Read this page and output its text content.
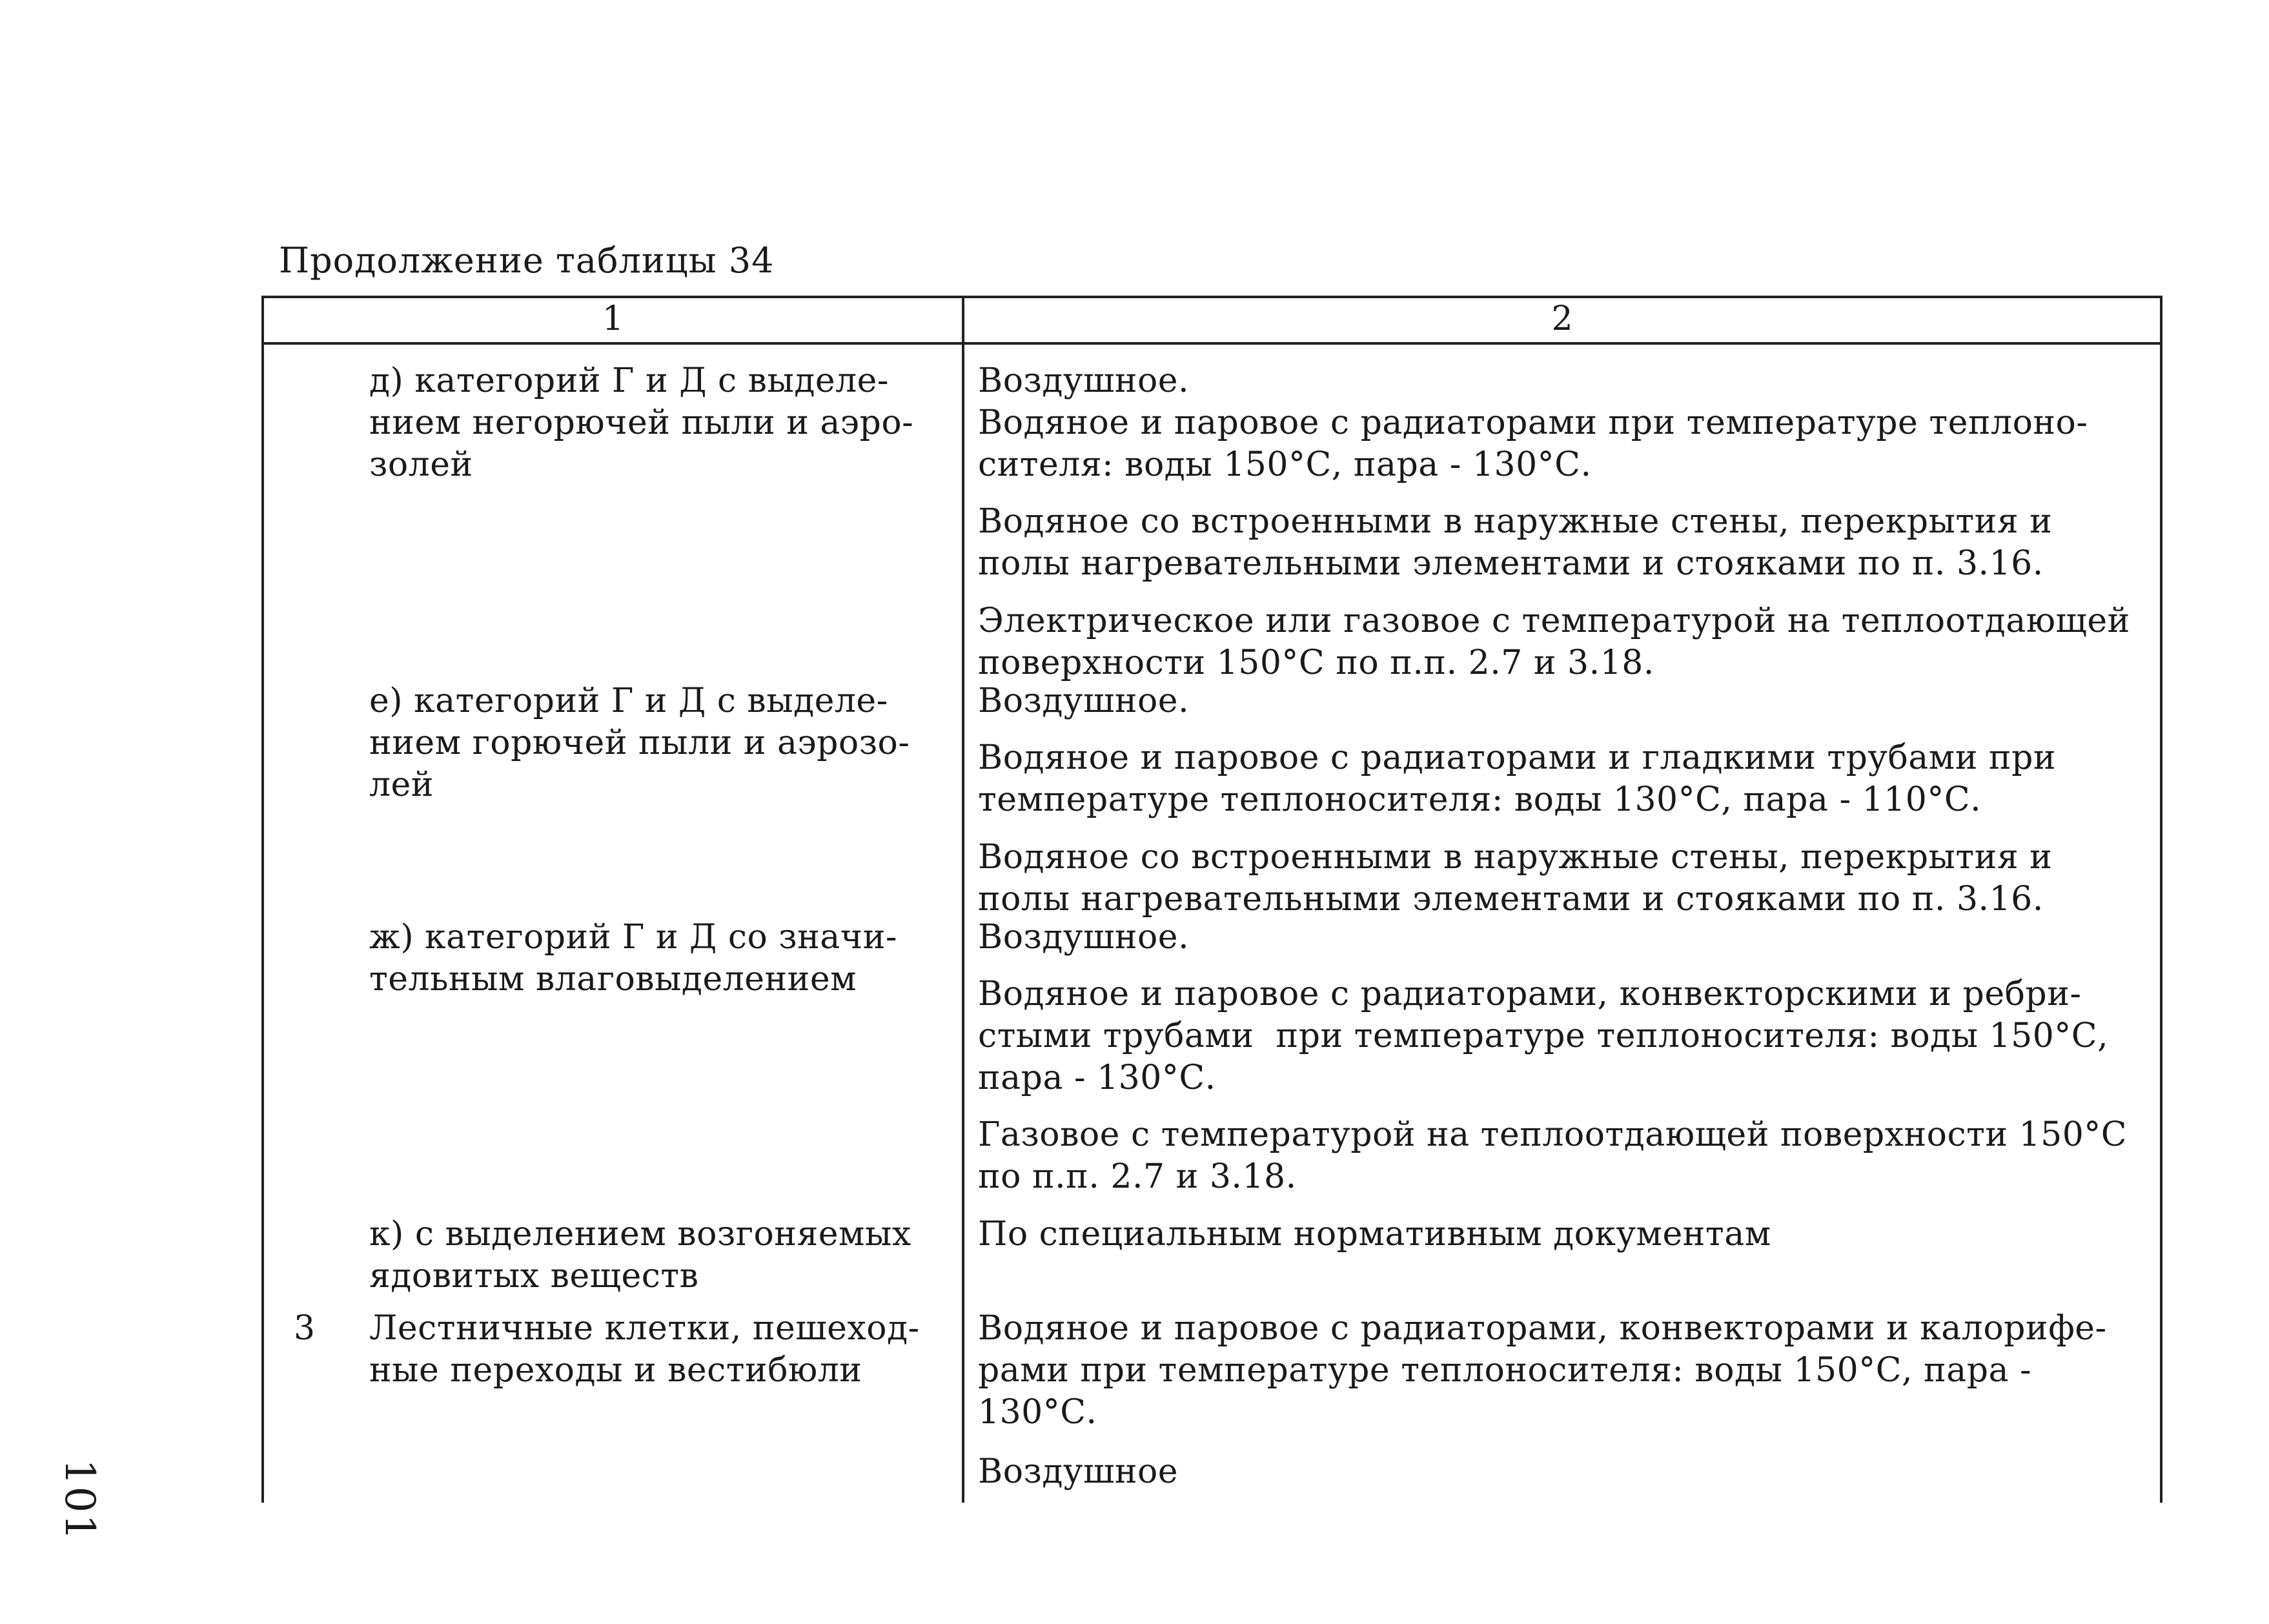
Продолжение таблицы 34
1	2
д) категорий Г и Д с выделе-
нием негорючей пыли и аэро-
золей
Воздушное.
Водяное и паровое с радиаторами при температуре теплоно-
сителя: воды 150°С, пара - 130°С.
Водяное со встроенными в наружные стены, перекрытия и
полы нагревательными элементами и стояками по п. 3.16.
Электрическое или газовое с температурой на теплоотдающей
поверхности 150°С по п.п. 2.7 и 3.18.
е) категорий Г и Д с выделе-
нием горючей пыли и аэрозо-
лей
Воздушное.
Водяное и паровое с радиаторами и гладкими трубами при
температуре теплоносителя: воды 130°С, пара - 110°С.
Водяное со встроенными в наружные стены, перекрытия и
полы нагревательными элементами и стояками по п. 3.16.
ж) категорий Г и Д со значи-
тельным влаговыделением
Воздушное.
Водяное и паровое с радиаторами, конвекторскими и ребри-
стыми трубами  при температуре теплоносителя: воды 150°С,
пара - 130°С.
Газовое с температурой на теплоотдающей поверхности 150°С
по п.п. 2.7 и 3.18.
к) с выделением возгоняемых
ядовитых веществ
По специальным нормативным документам
3 Лестничные клетки, пешеход-
ные переходы и вестибюли
Водяное и паровое с радиаторами, конвекторами и калорифе-
рами при температуре теплоносителя: воды 150°С, пара -
130°С.
Воздушное
101
